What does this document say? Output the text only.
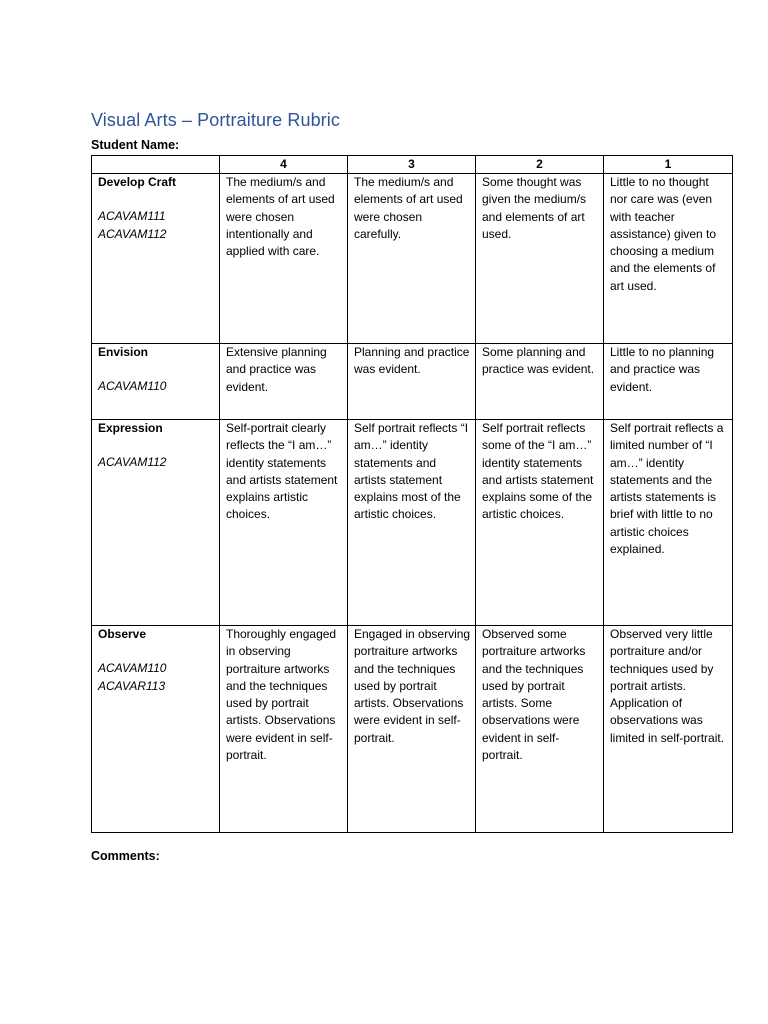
Visual Arts – Portraiture Rubric
Student Name:
	4	3	2	1

Develop Craft
ACAVAM111
ACAVAM112	The medium/s and elements of art used were chosen intentionally and applied with care.	The medium/s and elements of art used were chosen carefully.	Some thought was given the medium/s and elements of art used.	Little to no thought nor care was (even with teacher assistance) given to choosing a medium and the elements of art used.

Envision
ACAVAM110	Extensive planning and practice was evident.	Planning and practice was evident.	Some planning and practice was evident.	Little to no planning and practice was evident.

Expression
ACAVAM112	Self-portrait clearly reflects the “I am…” identity statements and artists statement explains artistic choices.	Self portrait reflects “I am…” identity statements and artists statement explains most of the artistic choices.	Self portrait reflects some of the “I am…” identity statements and artists statement explains some of the artistic choices.	Self portrait reflects a limited number of “I am…” identity statements and the artists statements is brief with little to no artistic choices explained.

Observe
ACAVAM110
ACAVAR113	Thoroughly engaged in observing portraiture artworks and the techniques used by portrait artists. Observations were evident in self-portrait.	Engaged in observing portraiture artworks and the techniques used by portrait artists. Observations were evident in self-portrait.	Observed some portraiture artworks and the techniques used by portrait artists. Some observations were evident in self-portrait.	Observed very little portraiture and/or techniques used by portrait artists. Application of observations was limited in self-portrait.
Comments:
